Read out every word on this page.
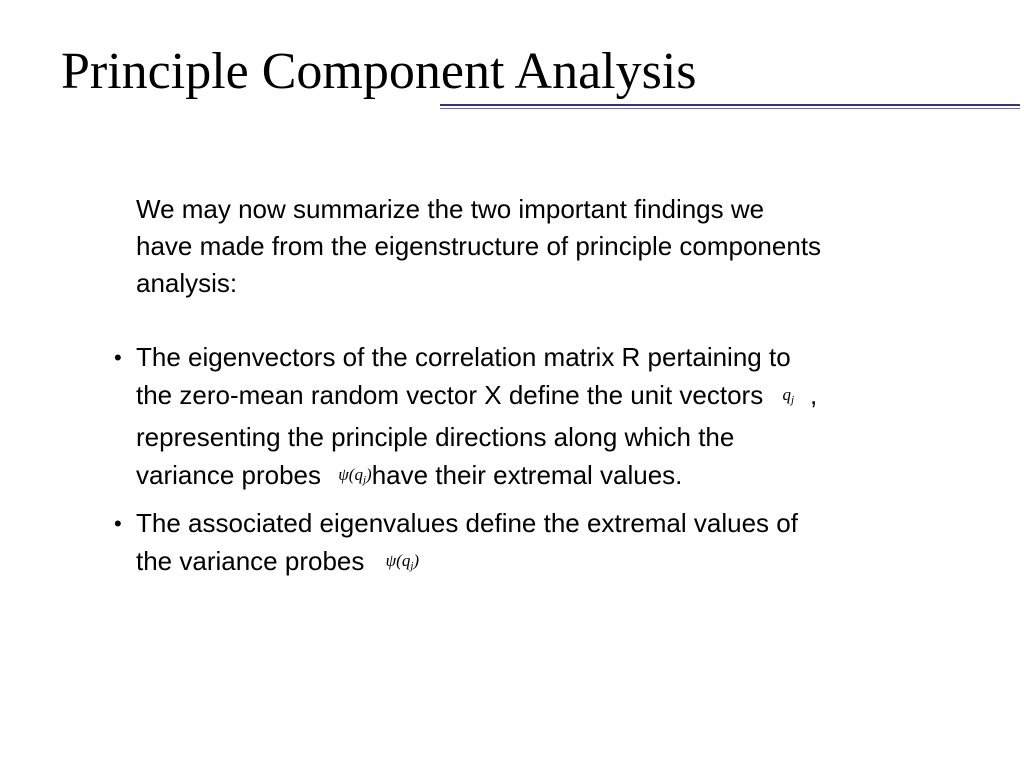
Principle Component Analysis
We may now summarize the two important findings we
have made from the eigenstructure of principle components
analysis:
• The eigenvectors of the correlation matrix R pertaining to
the zero-mean random vector X define the unit vectors $q_j$ ,
representing the principle directions along which the
variance probes $\psi(q_j)have$ their extremal values.
• The associated eigenvalues define the extremal values of
the variance probes $\psi(q_j)$
